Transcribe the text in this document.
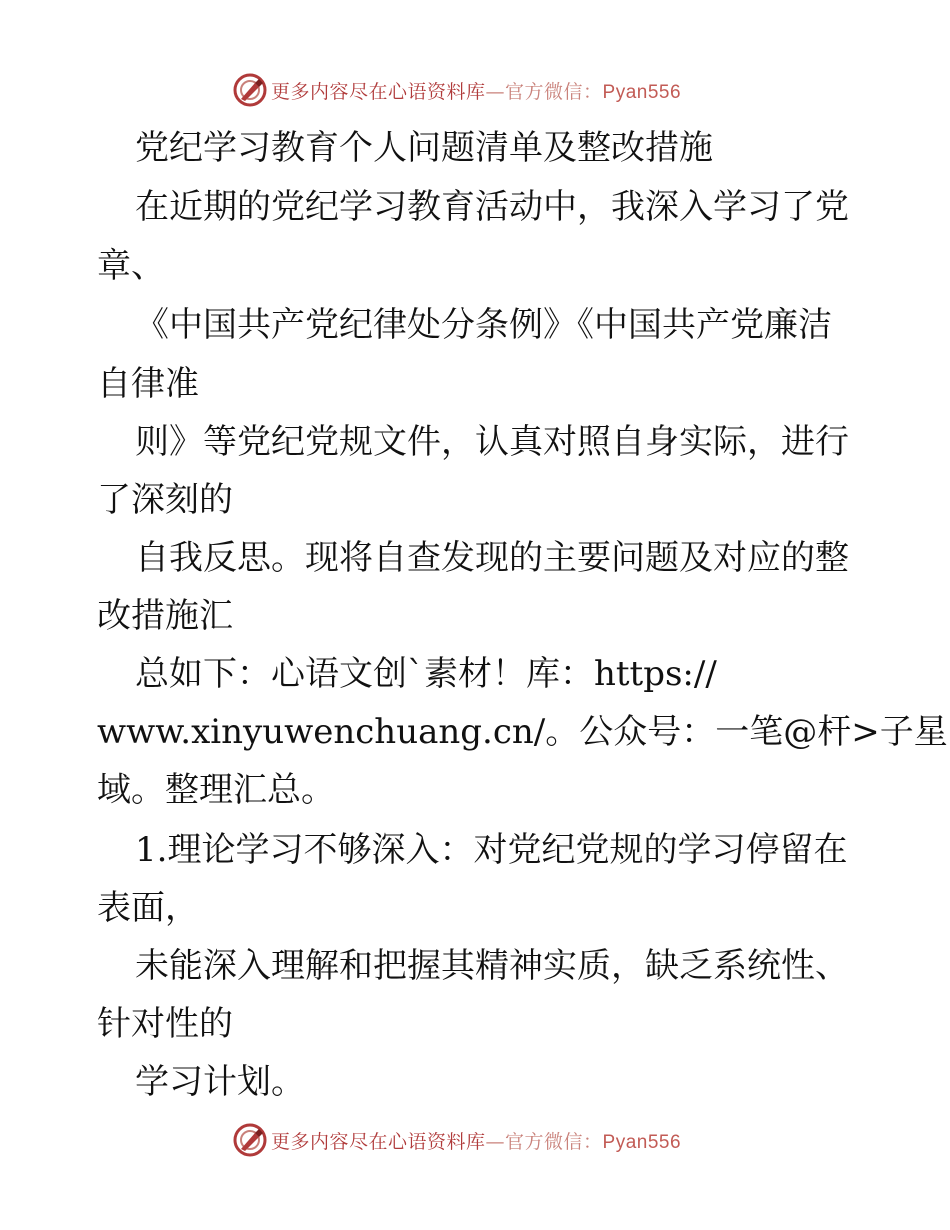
更多内容尽在心语资料库—官方微信：Pyan556

党纪学习教育个人问题清单及整改措施

在近期的党纪学习教育活动中，我深入学习了党

章、

《中国共产党纪律处分条例》《中国共产党廉洁

自律准

则》等党纪党规文件，认真对照自身实际，进行

了深刻的

自我反思。现将自查发现的主要问题及对应的整

改措施汇

总如下：心语文创`素材！库：https://

www.xinyuwenchuang.cn/。公众号：一笔@杆>子星

域。整理汇总。

1.理论学习不够深入：对党纪党规的学习停留在

表面，

未能深入理解和把握其精神实质，缺乏系统性、

针对性的

学习计划。

更多内容尽在心语资料库—官方微信：Pyan556
